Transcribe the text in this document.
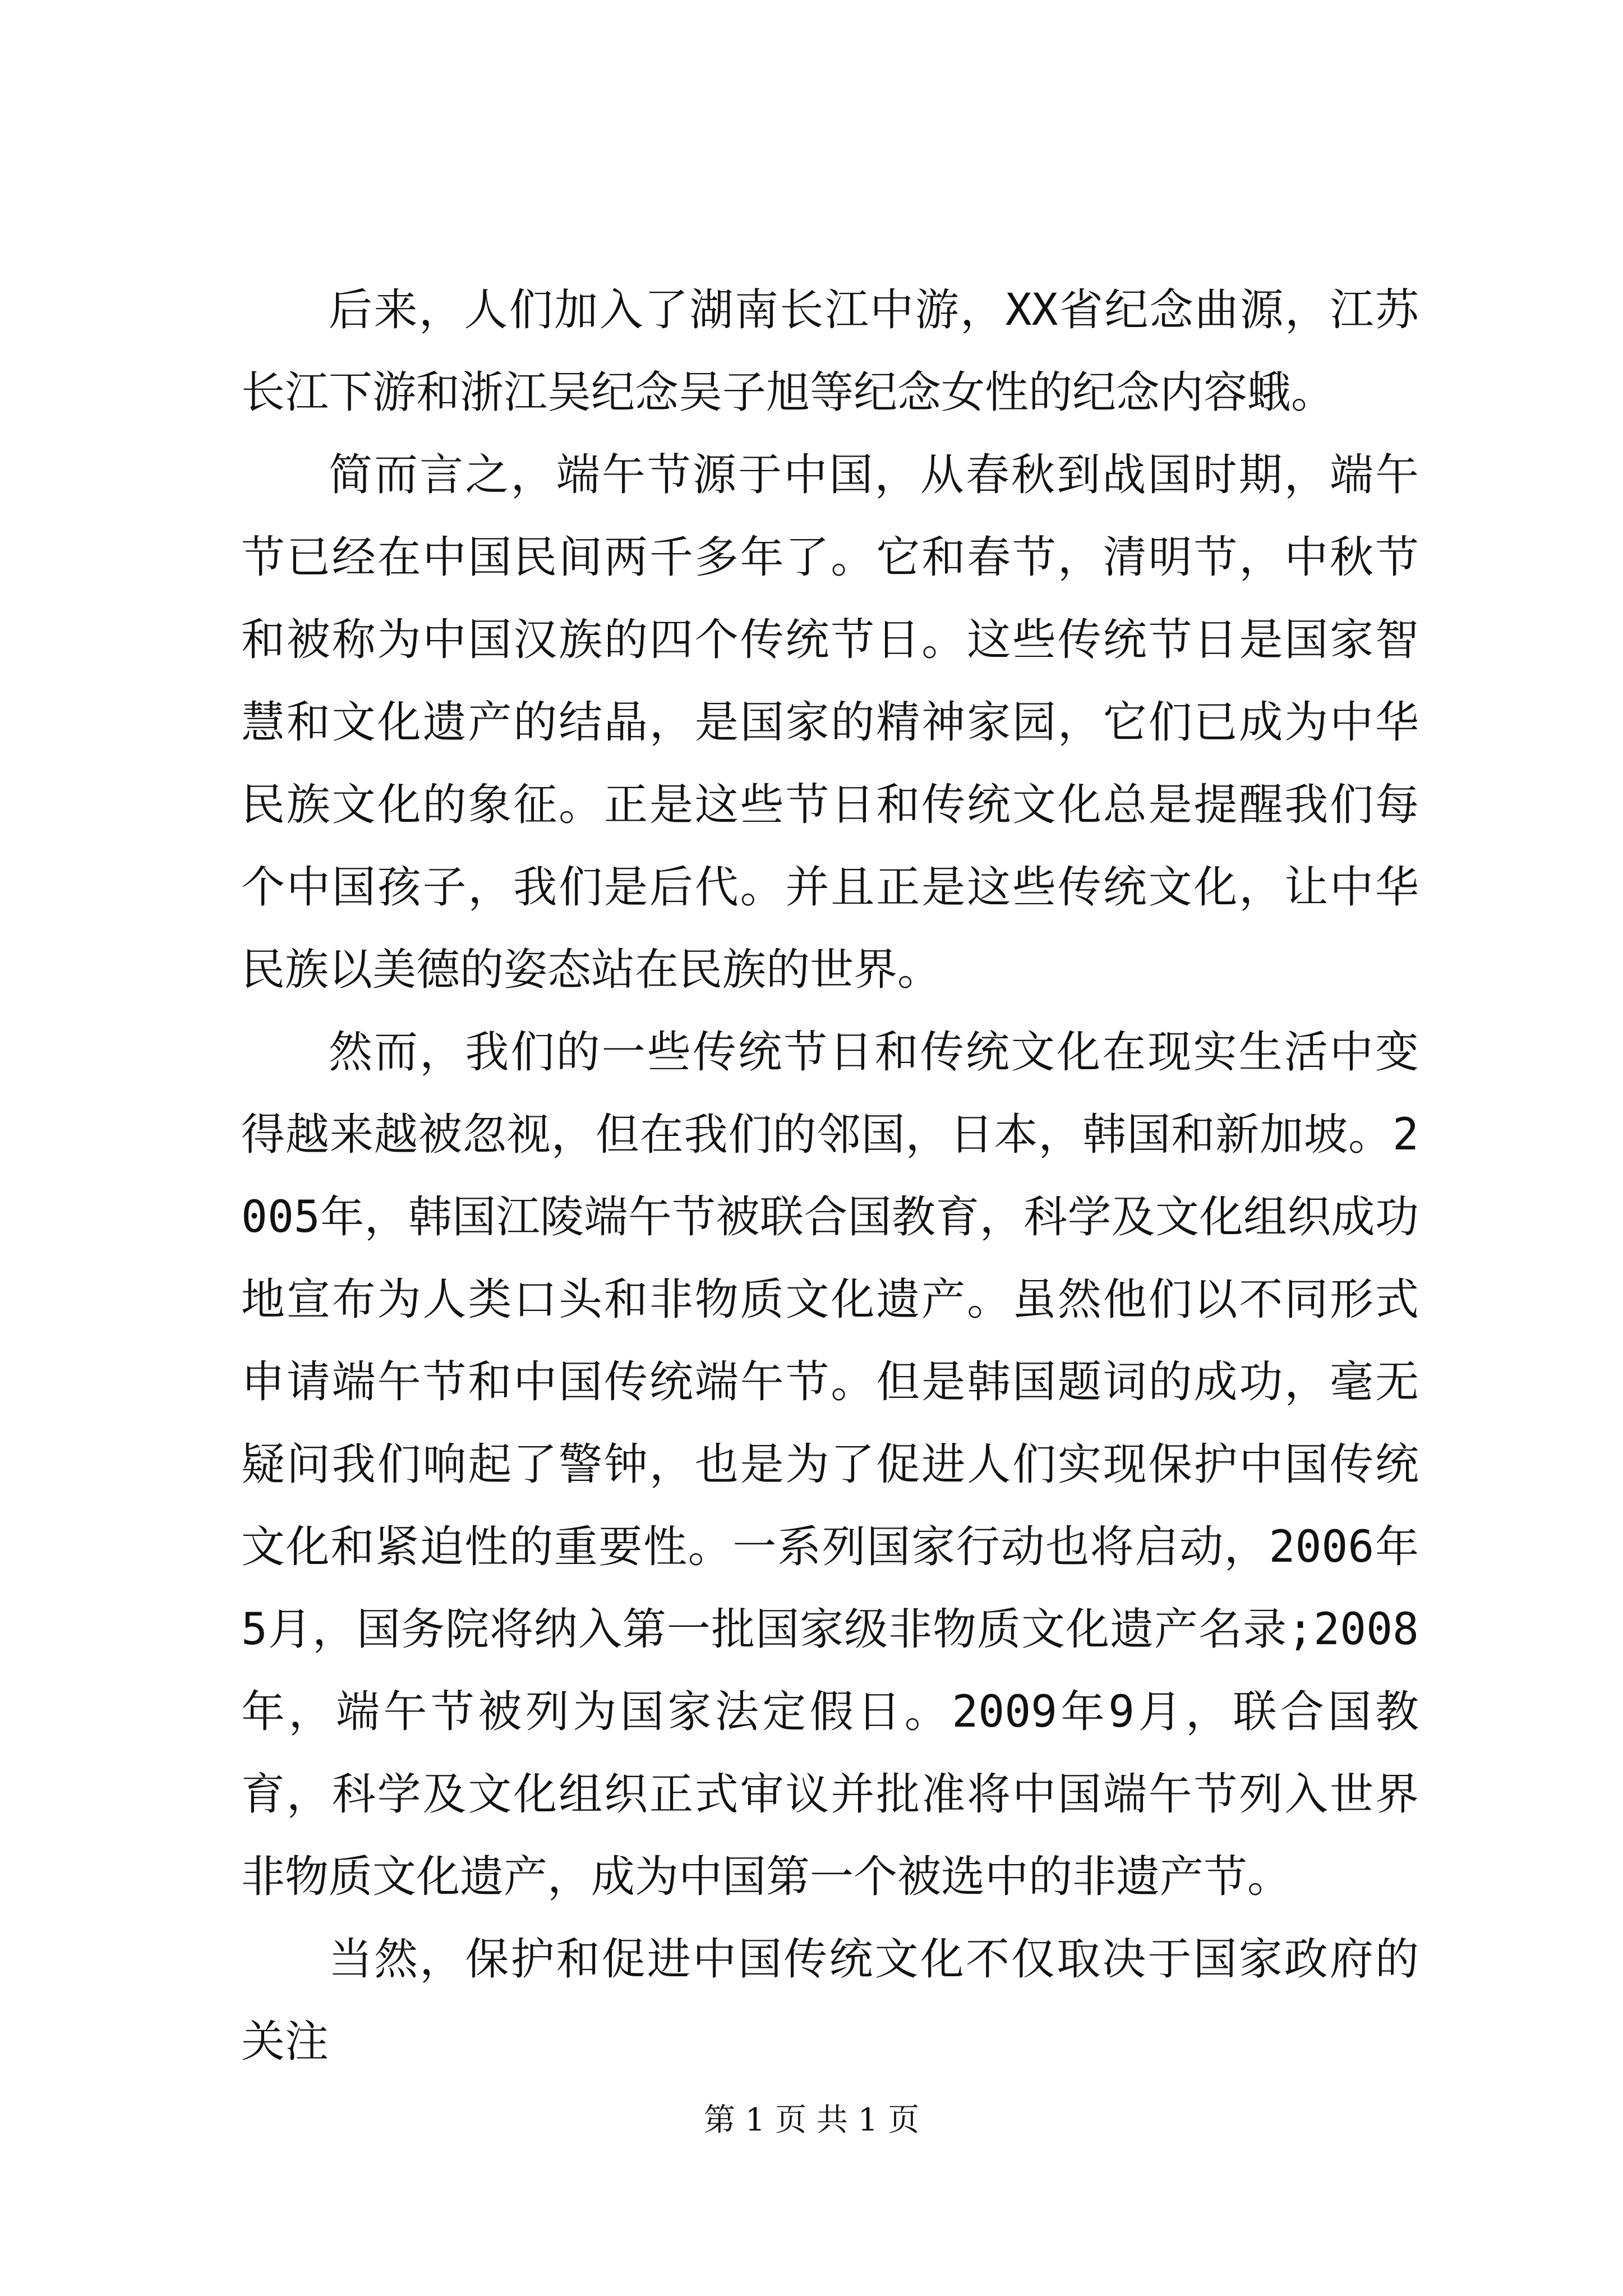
后来，人们加入了湖南长江中游，XX省纪念曲源，江苏长江下游和浙江吴纪念吴子旭等纪念女性的纪念内容蛾。

简而言之，端午节源于中国，从春秋到战国时期，端午节已经在中国民间两千多年了。它和春节，清明节，中秋节和被称为中国汉族的四个传统节日。这些传统节日是国家智慧和文化遗产的结晶，是国家的精神家园，它们已成为中华民族文化的象征。正是这些节日和传统文化总是提醒我们每个中国孩子，我们是后代。并且正是这些传统文化，让中华民族以美德的姿态站在民族的世界。

然而，我们的一些传统节日和传统文化在现实生活中变得越来越被忽视，但在我们的邻国，日本，韩国和新加坡。2005年，韩国江陵端午节被联合国教育，科学及文化组织成功地宣布为人类口头和非物质文化遗产。虽然他们以不同形式申请端午节和中国传统端午节。但是韩国题词的成功，毫无疑问我们响起了警钟，也是为了促进人们实现保护中国传统文化和紧迫性的重要性。一系列国家行动也将启动，2006年5月，国务院将纳入第一批国家级非物质文化遗产名录;2008年，端午节被列为国家法定假日。2009年9月，联合国教育，科学及文化组织正式审议并批准将中国端午节列入世界非物质文化遗产，成为中国第一个被选中的非遗产节。

当然，保护和促进中国传统文化不仅取决于国家政府的关注

第 1 页 共 1 页
